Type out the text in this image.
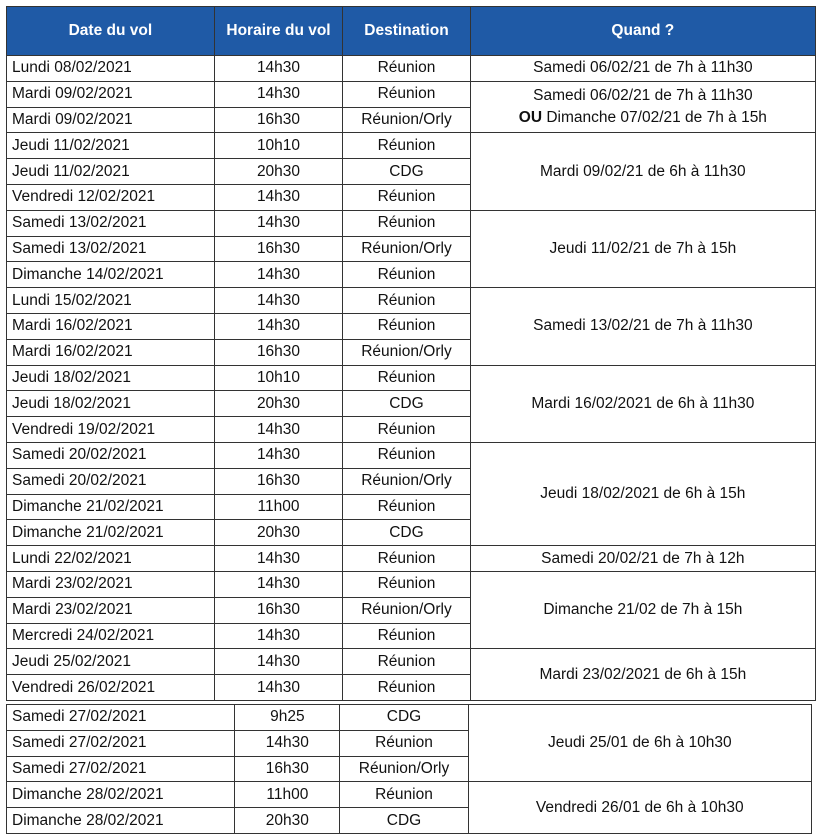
Date du vol	Horaire du vol	Destination	Quand ?
Lundi 08/02/2021	14h30	Réunion	Samedi 06/02/21 de 7h à 11h30

Mardi 09/02/2021	14h30	Réunion	Samedi 06/02/21 de 7h à 11h30
OU Dimanche 07/02/21 de 7h à 15h

Mardi 09/02/2021	16h30	Réunion/Orly	
Jeudi 11/02/2021	10h10	Réunion	Mardi 09/02/21 de 6h à 11h30

Jeudi 11/02/2021	20h30	CDG	
Vendredi 12/02/2021	14h30	Réunion	
Samedi 13/02/2021	14h30	Réunion	Jeudi 11/02/21 de 7h à 15h

Samedi 13/02/2021	16h30	Réunion/Orly	
Dimanche 14/02/2021	14h30	Réunion	
Lundi 15/02/2021	14h30	Réunion	Samedi 13/02/21 de 7h à 11h30

Mardi 16/02/2021	14h30	Réunion	
Mardi 16/02/2021	16h30	Réunion/Orly	
Jeudi 18/02/2021	10h10	Réunion	Mardi 16/02/2021 de 6h à 11h30

Jeudi 18/02/2021	20h30	CDG	
Vendredi 19/02/2021	14h30	Réunion	
Samedi 20/02/2021	14h30	Réunion	Jeudi 18/02/2021 de 6h à 15h

Samedi 20/02/2021	16h30	Réunion/Orly	
Dimanche 21/02/2021	11h00	Réunion	
Dimanche 21/02/2021	20h30	CDG	
Lundi 22/02/2021	14h30	Réunion	Samedi 20/02/21 de 7h à 12h

Mardi 23/02/2021	14h30	Réunion	Dimanche 21/02 de 7h à 15h

Mardi 23/02/2021	16h30	Réunion/Orly	
Mercredi 24/02/2021	14h30	Réunion	
Jeudi 25/02/2021	14h30	Réunion	Mardi 23/02/2021 de 6h à 15h

Vendredi 26/02/2021	14h30	Réunion	
Samedi 27/02/2021	9h25	CDG	Jeudi 25/01 de 6h à 10h30

Samedi 27/02/2021	14h30	Réunion	
Samedi 27/02/2021	16h30	Réunion/Orly	
Dimanche 28/02/2021	11h00	Réunion	Vendredi 26/01 de 6h à 10h30

Dimanche 28/02/2021	20h30	CDG	
